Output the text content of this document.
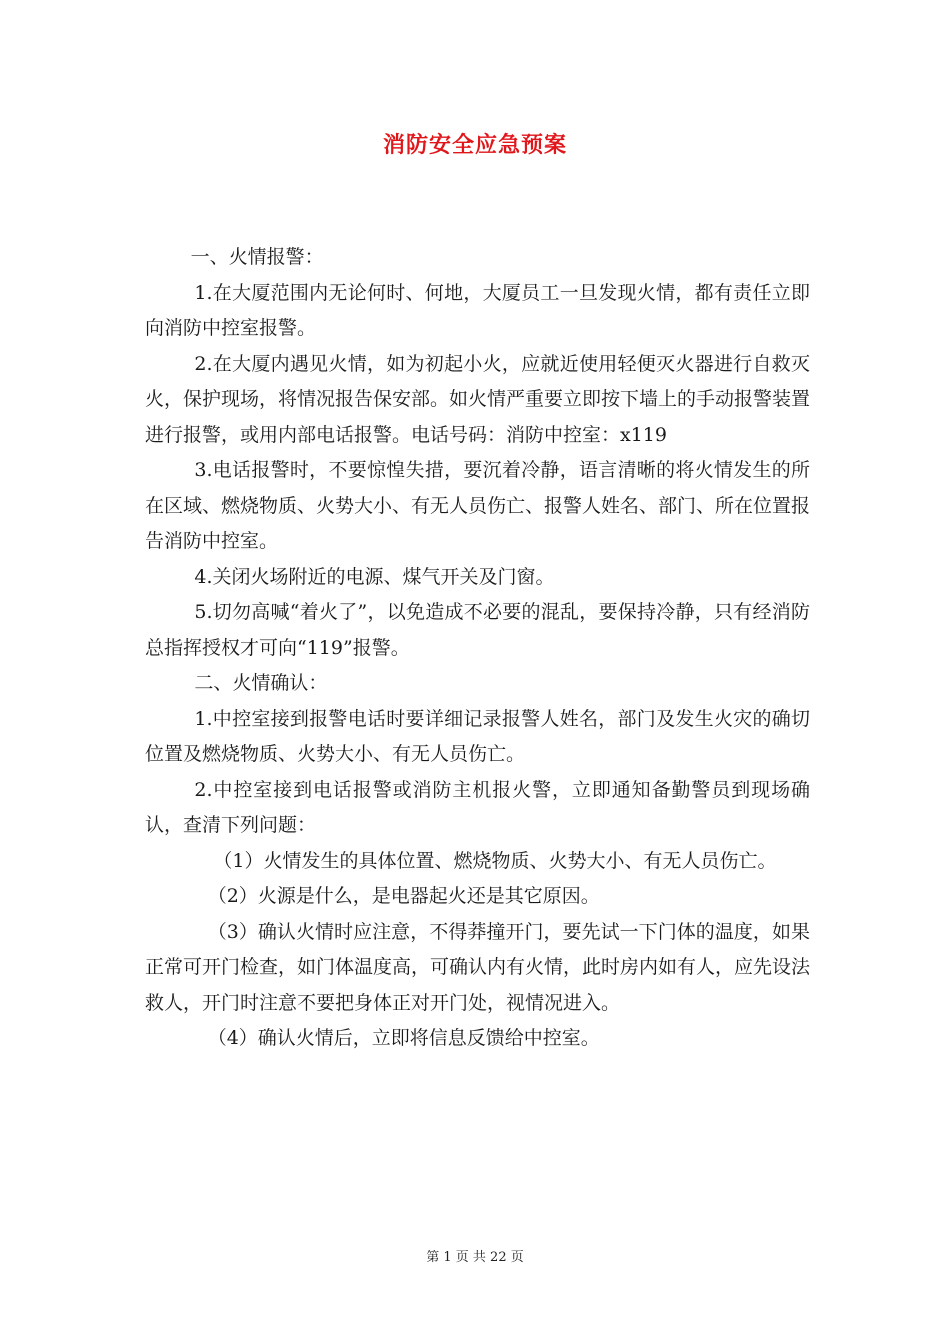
消防安全应急预案

一、火情报警：

1.在大厦范围内无论何时、何地，大厦员工一旦发现火情，都有责任立即向消防中控室报警。

2.在大厦内遇见火情，如为初起小火，应就近使用轻便灭火器进行自救灭火，保护现场，将情况报告保安部。如火情严重要立即按下墙上的手动报警装置进行报警，或用内部电话报警。电话号码：消防中控室：x119

3.电话报警时，不要惊惶失措，要沉着冷静，语言清晰的将火情发生的所在区域、燃烧物质、火势大小、有无人员伤亡、报警人姓名、部门、所在位置报告消防中控室。

4.关闭火场附近的电源、煤气开关及门窗。

5.切勿高喊“着火了”，以免造成不必要的混乱，要保持冷静，只有经消防总指挥授权才可向“119”报警。

二、火情确认：

1.中控室接到报警电话时要详细记录报警人姓名，部门及发生火灾的确切位置及燃烧物质、火势大小、有无人员伤亡。

2.中控室接到电话报警或消防主机报火警，立即通知备勤警员到现场确认，查清下列问题：

（1）火情发生的具体位置、燃烧物质、火势大小、有无人员伤亡。

（2）火源是什么，是电器起火还是其它原因。

（3）确认火情时应注意，不得莽撞开门，要先试一下门体的温度，如果正常可开门检查，如门体温度高，可确认内有火情，此时房内如有人，应先设法救人，开门时注意不要把身体正对开门处，视情况进入。

（4）确认火情后，立即将信息反馈给中控室。

第 1 页 共 22 页
